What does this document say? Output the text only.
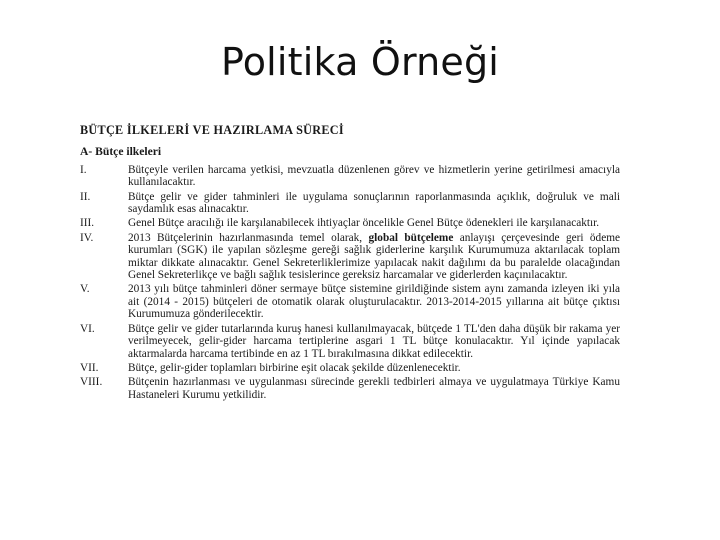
Politika Örneği
BÜTÇE İLKELERİ VE HAZIRLAMA SÜRECİ
A- Bütçe ilkeleri
I.	Bütçeyle verilen harcama yetkisi, mevzuatla düzenlenen görev ve hizmetlerin yerine getirilmesi amacıyla kullanılacaktır.
II.	Bütçe gelir ve gider tahminleri ile uygulama sonuçlarının raporlanmasında açıklık, doğruluk ve mali saydamlık esas alınacaktır.
III.	Genel Bütçe aracılığı ile karşılanabilecek ihtiyaçlar öncelikle Genel Bütçe ödenekleri ile karşılanacaktır.
IV.	2013 Bütçelerinin hazırlanmasında temel olarak, global bütçeleme anlayışı çerçevesinde geri ödeme kurumları (SGK) ile yapılan sözleşme gereği sağlık giderlerine karşılık Kurumumuza aktarılacak toplam miktar dikkate alınacaktır. Genel Sekreterliklerimize yapılacak nakit dağılımı da bu paralelde olacağından Genel Sekreterlikçe ve bağlı sağlık tesislerince gereksiz harcamalar ve giderlerden kaçınılacaktır.
V.	2013 yılı bütçe tahminleri döner sermaye bütçe sistemine girildiğinde sistem aynı zamanda izleyen iki yıla ait (2014 - 2015) bütçeleri de otomatik olarak oluşturulacaktır. 2013-2014-2015 yıllarına ait bütçe çıktısı Kurumumuza gönderilecektir.
VI.	Bütçe gelir ve gider tutarlarında kuruş hanesi kullanılmayacak, bütçede 1 TL'den daha düşük bir rakama yer verilmeyecek, gelir-gider harcama tertiplerine asgari 1 TL bütçe konulacaktır. Yıl içinde yapılacak aktarmalarda harcama tertibinde en az 1 TL bırakılmasına dikkat edilecektir.
VII.	Bütçe, gelir-gider toplamları birbirine eşit olacak şekilde düzenlenecektir.
VIII.	Bütçenin hazırlanması ve uygulanması sürecinde gerekli tedbirleri almaya ve uygulatmaya Türkiye Kamu Hastaneleri Kurumu yetkilidir.
